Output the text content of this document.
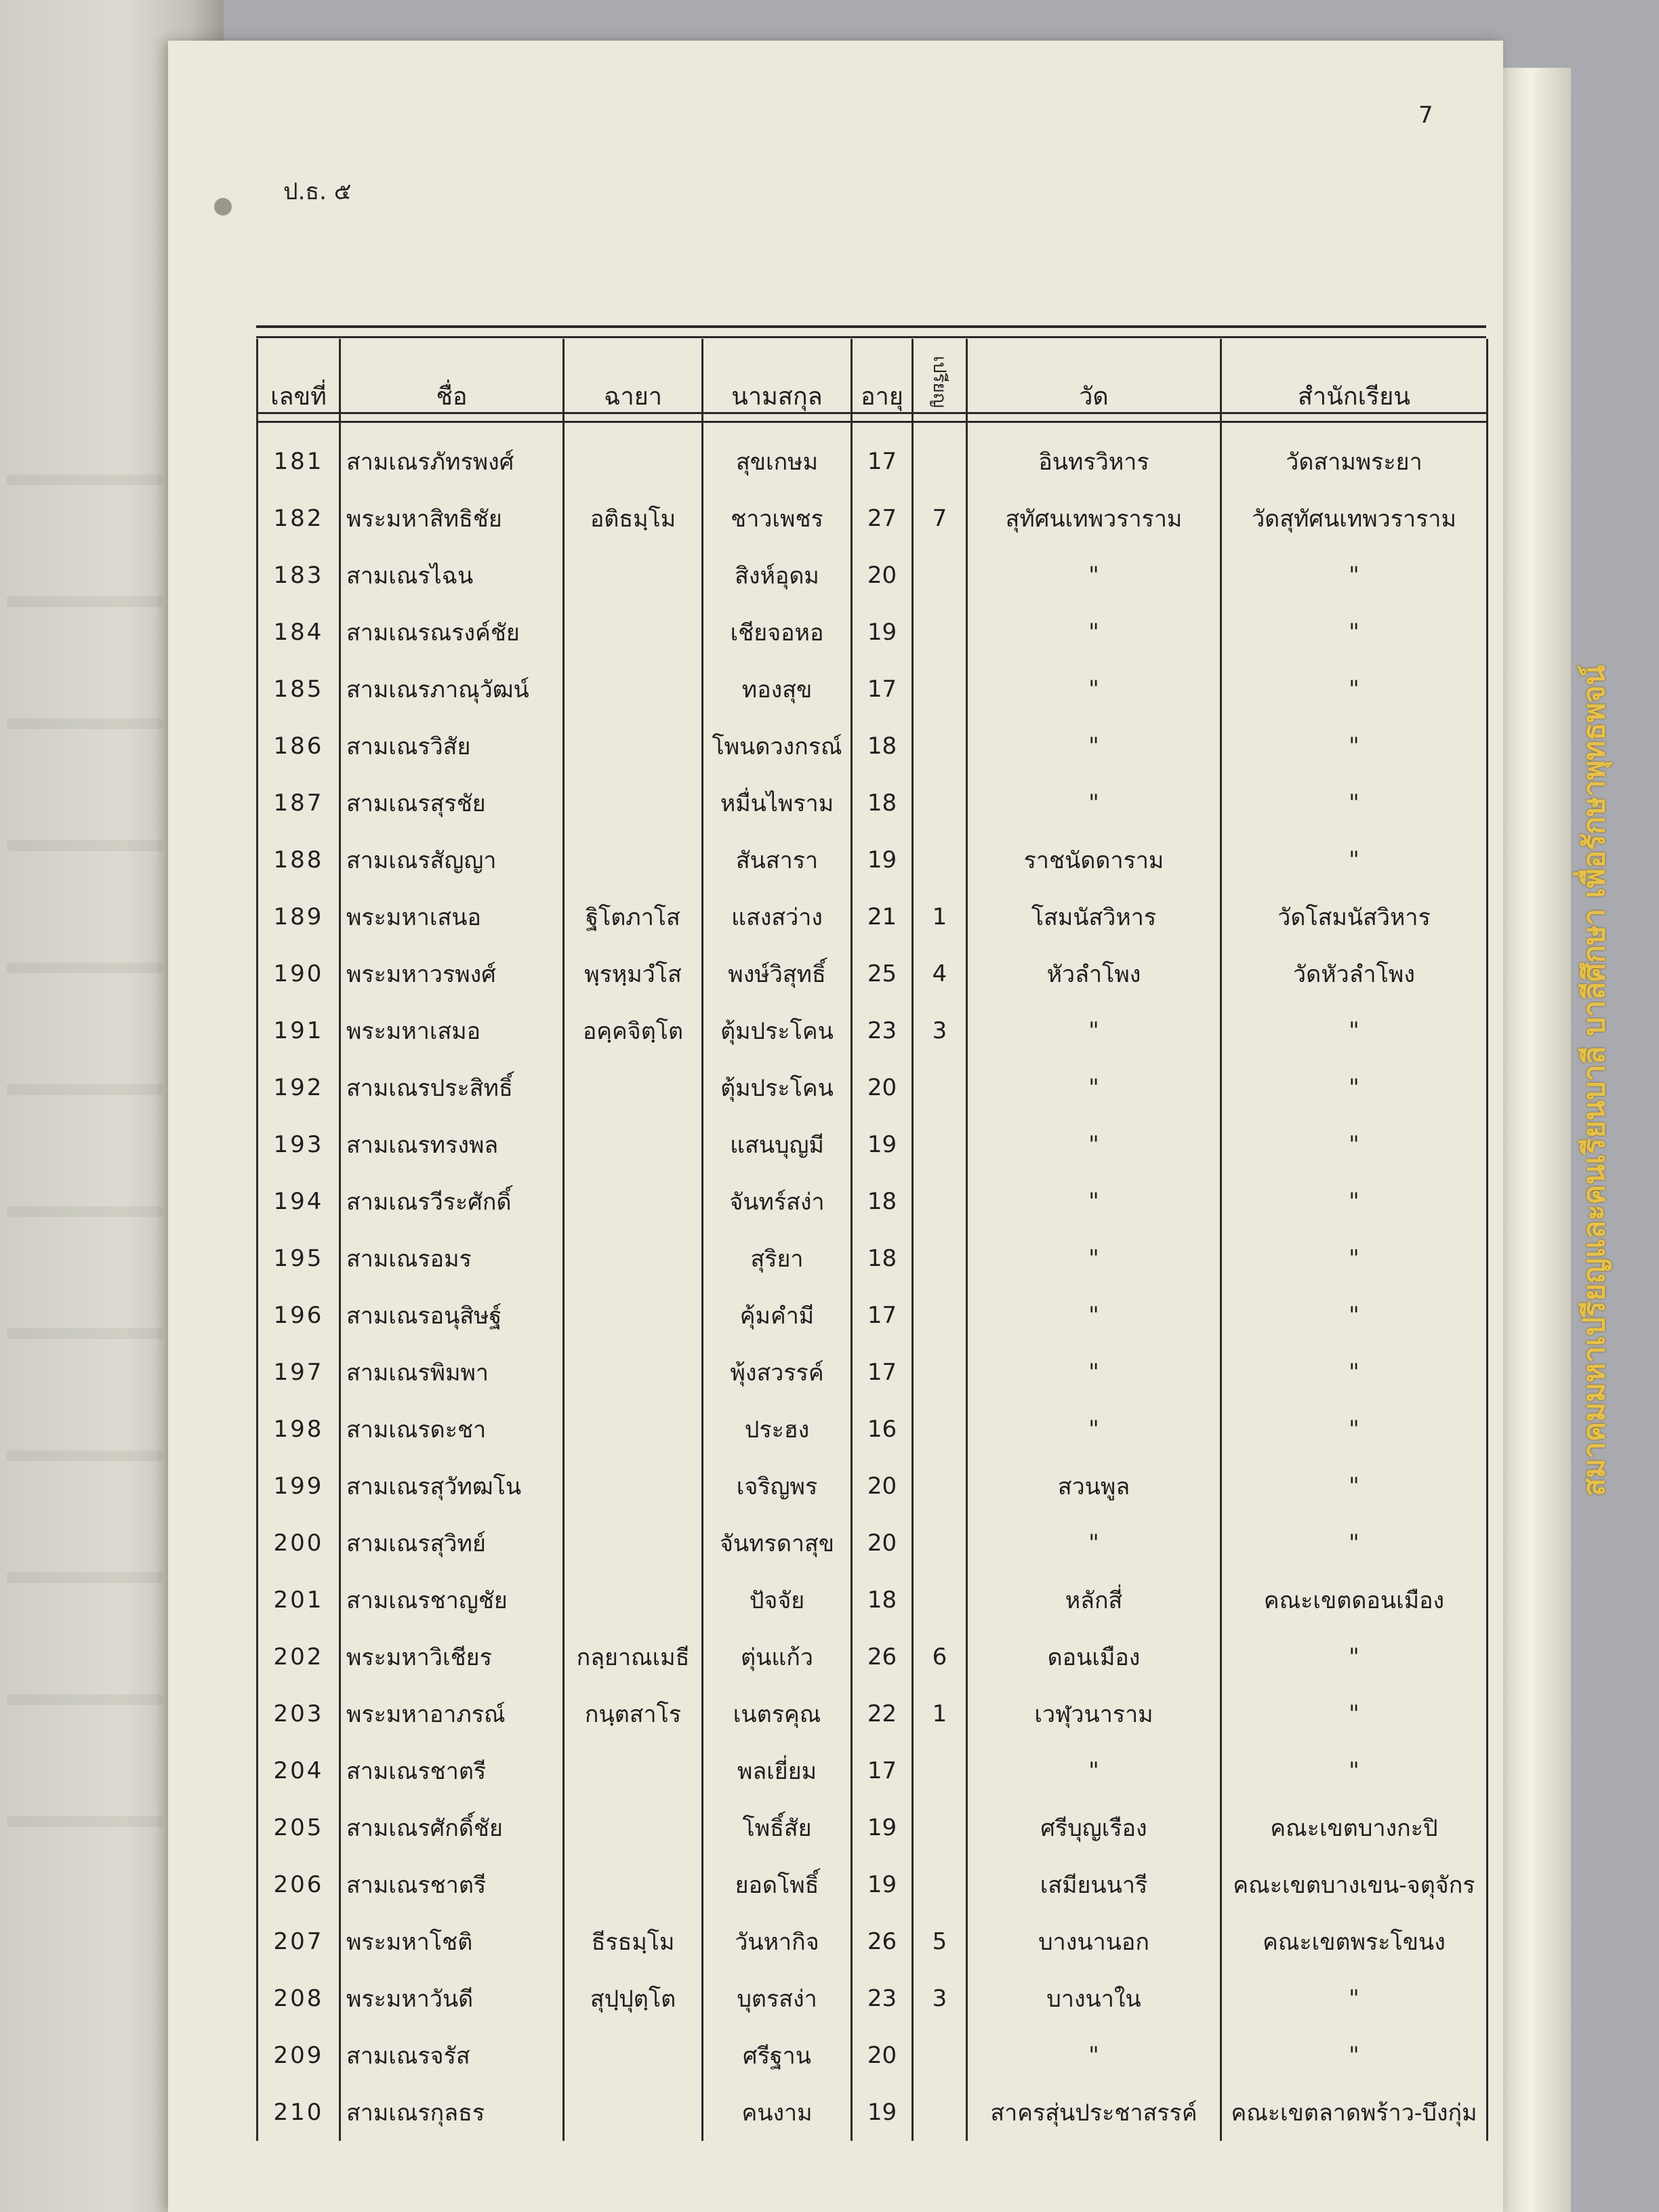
7
ป.ธ. ๕
เลขที่	ชื่อ	ฉายา	นามสกุล	อายุ	เปรียญ	วัด	สำนักเรียน
181	สามเณรภัทรพงศ์		สุขเกษม	17		อินทรวิหาร	วัดสามพระยา
182	พระมหาสิทธิชัย	อติธมฺโม	ชาวเพชร	27	7	สุทัศนเทพวราราม	วัดสุทัศนเทพวราราม
183	สามเณรไฉน		สิงห์อุดม	20		"	"
184	สามเณรณรงค์ชัย		เชียจอหอ	19		"	"
185	สามเณรภาณุวัฒน์		ทองสุข	17		"	"
186	สามเณรวิสัย		โพนดวงกรณ์	18		"	"
187	สามเณรสุรชัย		หมื่นไพราม	18		"	"
188	สามเณรสัญญา		สันสารา	19		ราชนัดดาราม	"
189	พระมหาเสนอ	ฐิโตภาโส	แสงสว่าง	21	1	โสมนัสวิหาร	วัดโสมนัสวิหาร
190	พระมหาวรพงศ์	พฺรหฺมวํโส	พงษ์วิสุทธิ์	25	4	หัวลำโพง	วัดหัวลำโพง
191	พระมหาเสมอ	อคฺคจิตฺโต	ตุ้มประโคน	23	3	"	"
192	สามเณรประสิทธิ์		ตุ้มประโคน	20		"	"
193	สามเณรทรงพล		แสนบุญมี	19		"	"
194	สามเณรวีระศักดิ์		จันทร์สง่า	18		"	"
195	สามเณรอมร		สุริยา	18		"	"
196	สามเณรอนุสิษฐ์		คุ้มคำมี	17		"	"
197	สามเณรพิมพา		พุ้งสวรรค์	17		"	"
198	สามเณรดะชา		ประฮง	16		"	"
199	สามเณรสุวัทฒโน		เจริญพร	20		สวนพูล	"
200	สามเณรสุวิทย์		จันทรดาสุข	20		"	"
201	สามเณรชาญชัย		ปัจจัย	18		หลักสี่	คณะเขตดอนเมือง
202	พระมหาวิเชียร	กลฺยาณเมธี	ตุ่นแก้ว	26	6	ดอนเมือง	"
203	พระมหาอาภรณ์	กนฺตสาโร	เนตรคุณ	22	1	เวฬุวนาราม	"
204	สามเณรชาตรี		พลเยี่ยม	17		"	"
205	สามเณรศักดิ์ชัย		โพธิ์สัย	19		ศรีบุญเรือง	คณะเขตบางกะปิ
206	สามเณรชาตรี		ยอดโพธิ์	19		เสมียนนารี	คณะเขตบางเขน-จตุจักร
207	พระมหาโชติ	ธีรธมฺโม	วันหากิจ	26	5	บางนานอก	คณะเขตพระโขนง
208	พระมหาวันดี	สุปฺปุตฺโต	บุตรสง่า	23	3	บางนาใน	"
209	สามเณรจรัส		ศรีฐาน	20		"	"
210	สามเณรกุลธร		คนงาม	19		สาครสุ่นประชาสรรค์	คณะเขตลาดพร้าว-บึงกุ่ม
สมาคมมหาเปรียญและคนเรียนบาลี บาลีศึกษา เพื่อรักษาพุทธพจน์
